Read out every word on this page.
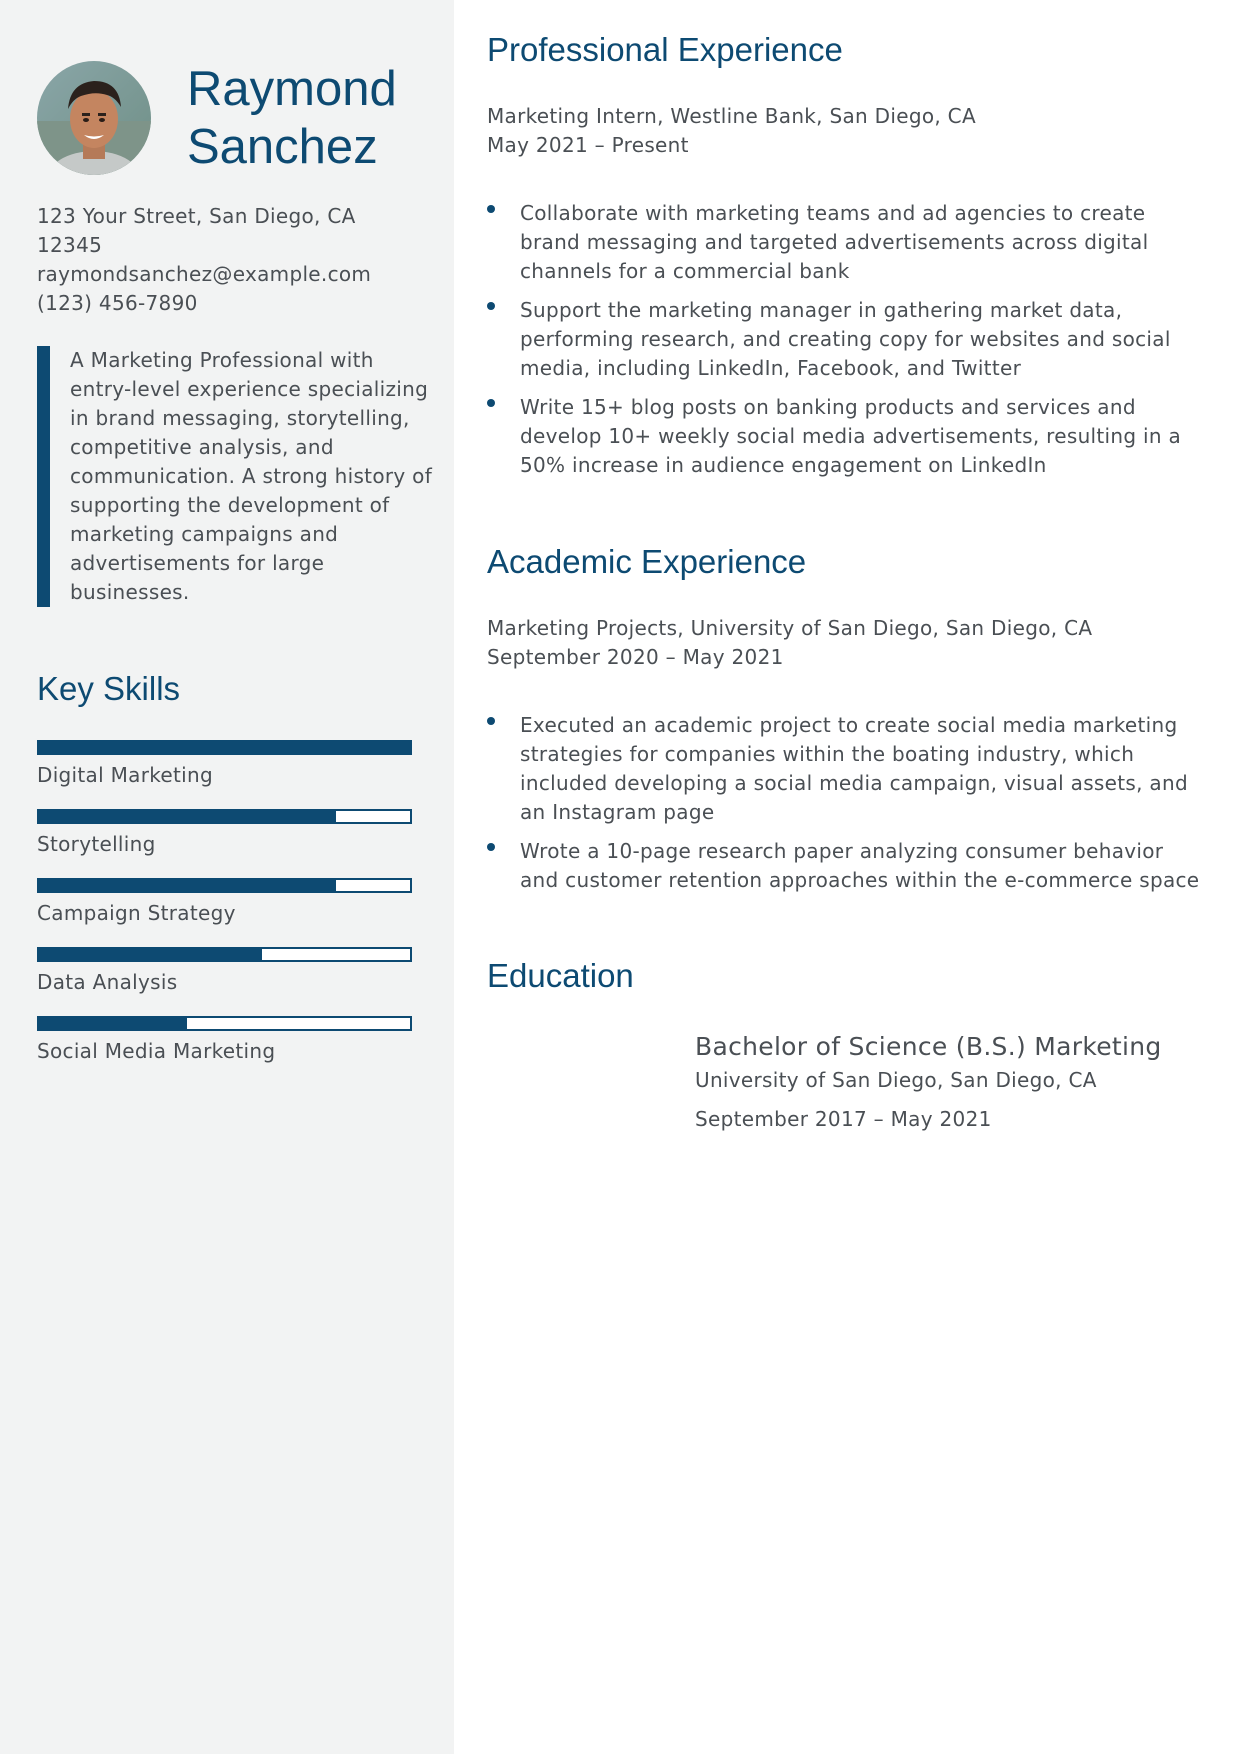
Raymond
Sanchez
123 Your Street, San Diego, CA
12345
raymondsanchez@example.com
(123) 456-7890
A Marketing Professional with entry-level experience specializing in brand messaging, storytelling, competitive analysis, and communication. A strong history of supporting the development of marketing campaigns and advertisements for large businesses.
Key Skills
Digital Marketing
Storytelling
Campaign Strategy
Data Analysis
Social Media Marketing
Professional Experience
Marketing Intern, Westline Bank, San Diego, CA
May 2021 – Present
Collaborate with marketing teams and ad agencies to create brand messaging and targeted advertisements across digital channels for a commercial bank
Support the marketing manager in gathering market data, performing research, and creating copy for websites and social media, including LinkedIn, Facebook, and Twitter
Write 15+ blog posts on banking products and services and develop 10+ weekly social media advertisements, resulting in a 50% increase in audience engagement on LinkedIn
Academic Experience
Marketing Projects, University of San Diego, San Diego, CA
September 2020 – May 2021
Executed an academic project to create social media marketing strategies for companies within the boating industry, which included developing a social media campaign, visual assets, and an Instagram page
Wrote a 10-page research paper analyzing consumer behavior and customer retention approaches within the e-commerce space
Education
Bachelor of Science (B.S.) Marketing
University of San Diego, San Diego, CA
September 2017 – May 2021
